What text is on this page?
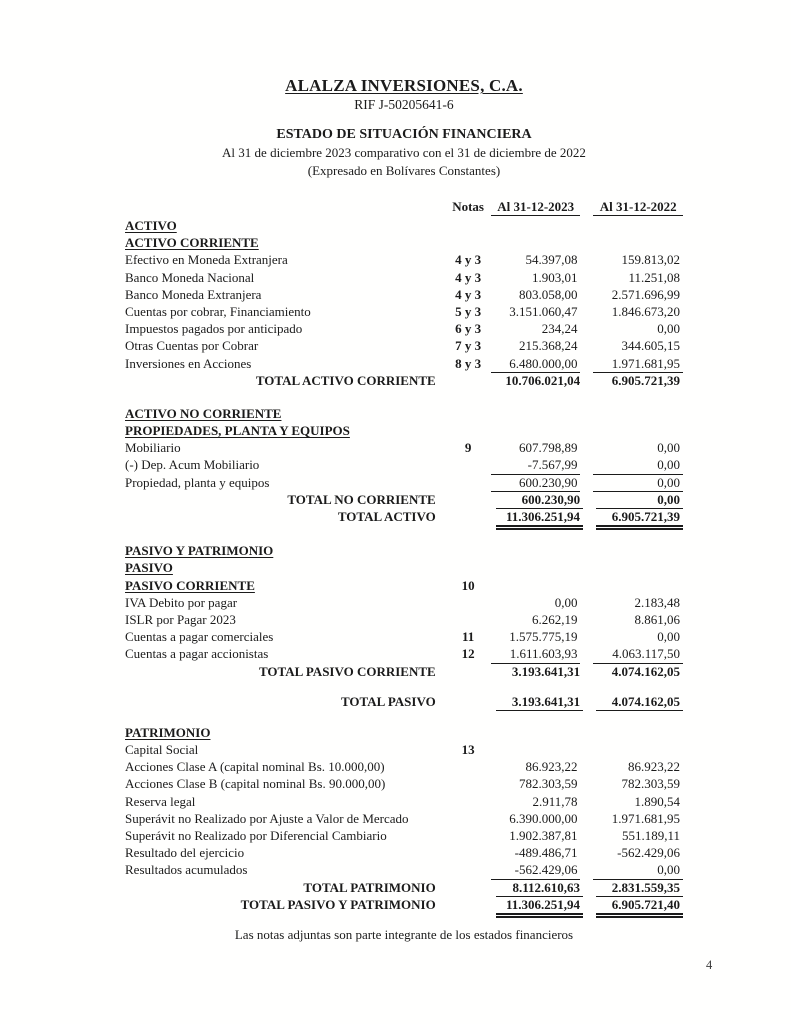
ALALZA INVERSIONES, C.A.
RIF J-50205641-6
ESTADO DE SITUACIÓN FINANCIERA
Al 31 de diciembre 2023 comparativo con el 31 de diciembre de 2022
(Expresado en Bolívares Constantes)
Notas	Al 31-12-2023	Al 31-12-2022
ACTIVO
ACTIVO CORRIENTE
Efectivo en Moneda Extranjera	4 y 3	54.397,08	159.813,02
Banco Moneda Nacional	4 y 3	1.903,01	11.251,08
Banco Moneda Extranjera	4 y 3	803.058,00	2.571.696,99
Cuentas por cobrar, Financiamiento	5 y 3	3.151.060,47	1.846.673,20
Impuestos pagados por anticipado	6 y 3	234,24	0,00
Otras Cuentas por Cobrar	7 y 3	215.368,24	344.605,15
Inversiones en Acciones	8 y 3	6.480.000,00	1.971.681,95
TOTAL ACTIVO CORRIENTE	10.706.021,04	6.905.721,39
ACTIVO NO CORRIENTE
PROPIEDADES, PLANTA Y EQUIPOS
Mobiliario	9	607.798,89	0,00
(-) Dep. Acum Mobiliario	-7.567,99	0,00
Propiedad, planta y equipos	600.230,90	0,00
TOTAL NO CORRIENTE	600.230,90	0,00
TOTAL ACTIVO	11.306.251,94	6.905.721,39
PASIVO Y PATRIMONIO
PASIVO
PASIVO CORRIENTE	10
IVA Debito por pagar	0,00	2.183,48
ISLR por Pagar 2023	6.262,19	8.861,06
Cuentas a pagar comerciales	11	1.575.775,19	0,00
Cuentas a pagar accionistas	12	1.611.603,93	4.063.117,50
TOTAL PASIVO CORRIENTE	3.193.641,31	4.074.162,05
TOTAL PASIVO	3.193.641,31	4.074.162,05
PATRIMONIO
Capital Social	13
Acciones Clase A (capital nominal Bs. 10.000,00)	86.923,22	86.923,22
Acciones Clase B (capital nominal Bs. 90.000,00)	782.303,59	782.303,59
Reserva legal	2.911,78	1.890,54
Superávit no Realizado por Ajuste a Valor de Mercado	6.390.000,00	1.971.681,95
Superávit no Realizado por Diferencial Cambiario	1.902.387,81	551.189,11
Resultado del ejercicio	-489.486,71	-562.429,06
Resultados acumulados	-562.429,06	0,00
TOTAL PATRIMONIO	8.112.610,63	2.831.559,35
TOTAL PASIVO Y PATRIMONIO	11.306.251,94	6.905.721,40
Las notas adjuntas son parte integrante de los estados financieros
4
